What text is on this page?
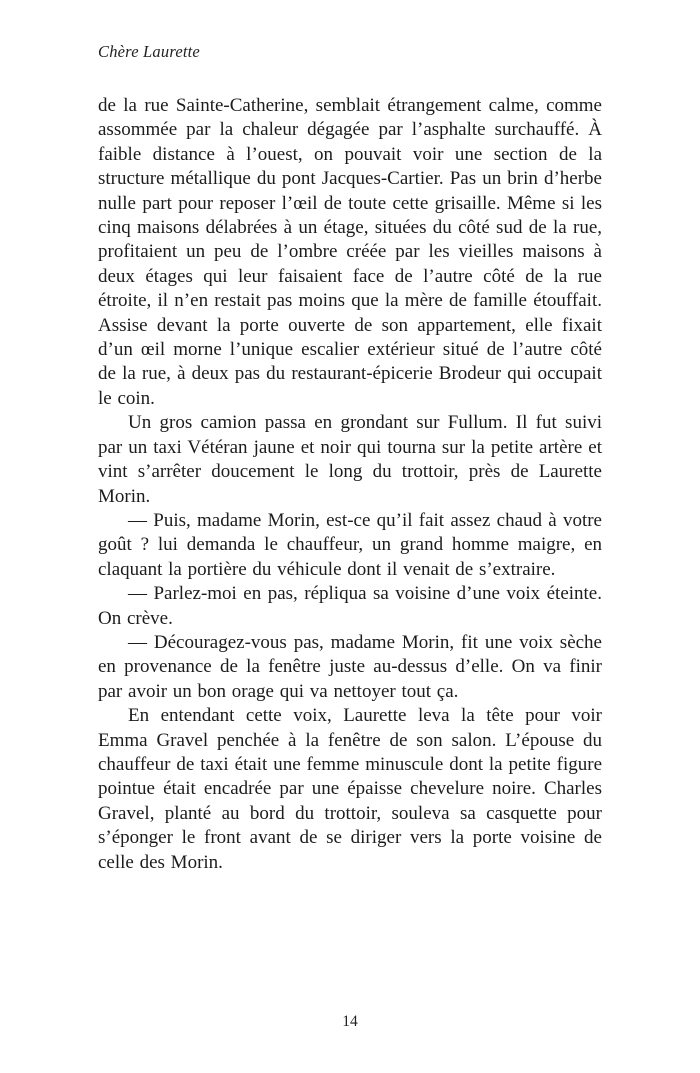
Chère Laurette

de la rue Sainte-Catherine, semblait étrangement calme, comme assommée par la chaleur dégagée par l’asphalte surchauffé. À faible distance à l’ouest, on pouvait voir une section de la structure métallique du pont Jacques-Cartier. Pas un brin d’herbe nulle part pour reposer l’œil de toute cette grisaille. Même si les cinq maisons délabrées à un étage, situées du côté sud de la rue, profitaient un peu de l’ombre créée par les vieilles maisons à deux étages qui leur faisaient face de l’autre côté de la rue étroite, il n’en restait pas moins que la mère de famille étouffait. Assise devant la porte ouverte de son appartement, elle fixait d’un œil morne l’unique escalier extérieur situé de l’autre côté de la rue, à deux pas du restaurant-épicerie Brodeur qui occupait le coin.

Un gros camion passa en grondant sur Fullum. Il fut suivi par un taxi Vétéran jaune et noir qui tourna sur la petite artère et vint s’arrêter doucement le long du trottoir, près de Laurette Morin.

— Puis, madame Morin, est-ce qu’il fait assez chaud à votre goût ? lui demanda le chauffeur, un grand homme maigre, en claquant la portière du véhicule dont il venait de s’extraire.

— Parlez-moi en pas, répliqua sa voisine d’une voix éteinte. On crève.

— Découragez-vous pas, madame Morin, fit une voix sèche en provenance de la fenêtre juste au-dessus d’elle. On va finir par avoir un bon orage qui va nettoyer tout ça.

En entendant cette voix, Laurette leva la tête pour voir Emma Gravel penchée à la fenêtre de son salon. L’épouse du chauffeur de taxi était une femme minuscule dont la petite figure pointue était encadrée par une épaisse chevelure noire. Charles Gravel, planté au bord du trottoir, souleva sa casquette pour s’éponger le front avant de se diriger vers la porte voisine de celle des Morin.

14
